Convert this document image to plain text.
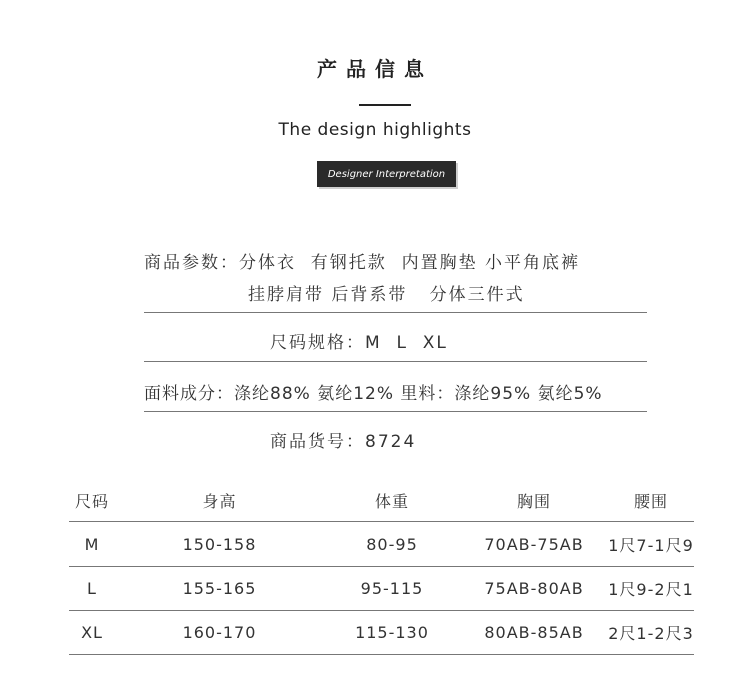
产品信息
The design highlights
Designer Interpretation
商品参数：分体衣  有钢托款  内置胸垫 小平角底裤
挂脖肩带 后背系带   分体三件式
尺码规格：M  L  XL
面料成分：涤纶88% 氨纶12% 里料：涤纶95% 氨纶5%
商品货号：8724
尺码	身高	体重	胸围	腰围
M	150-158	80-95	70AB-75AB	1尺7-1尺9
L	155-165	95-115	75AB-80AB	1尺9-2尺1
XL	160-170	115-130	80AB-85AB	2尺1-2尺3
